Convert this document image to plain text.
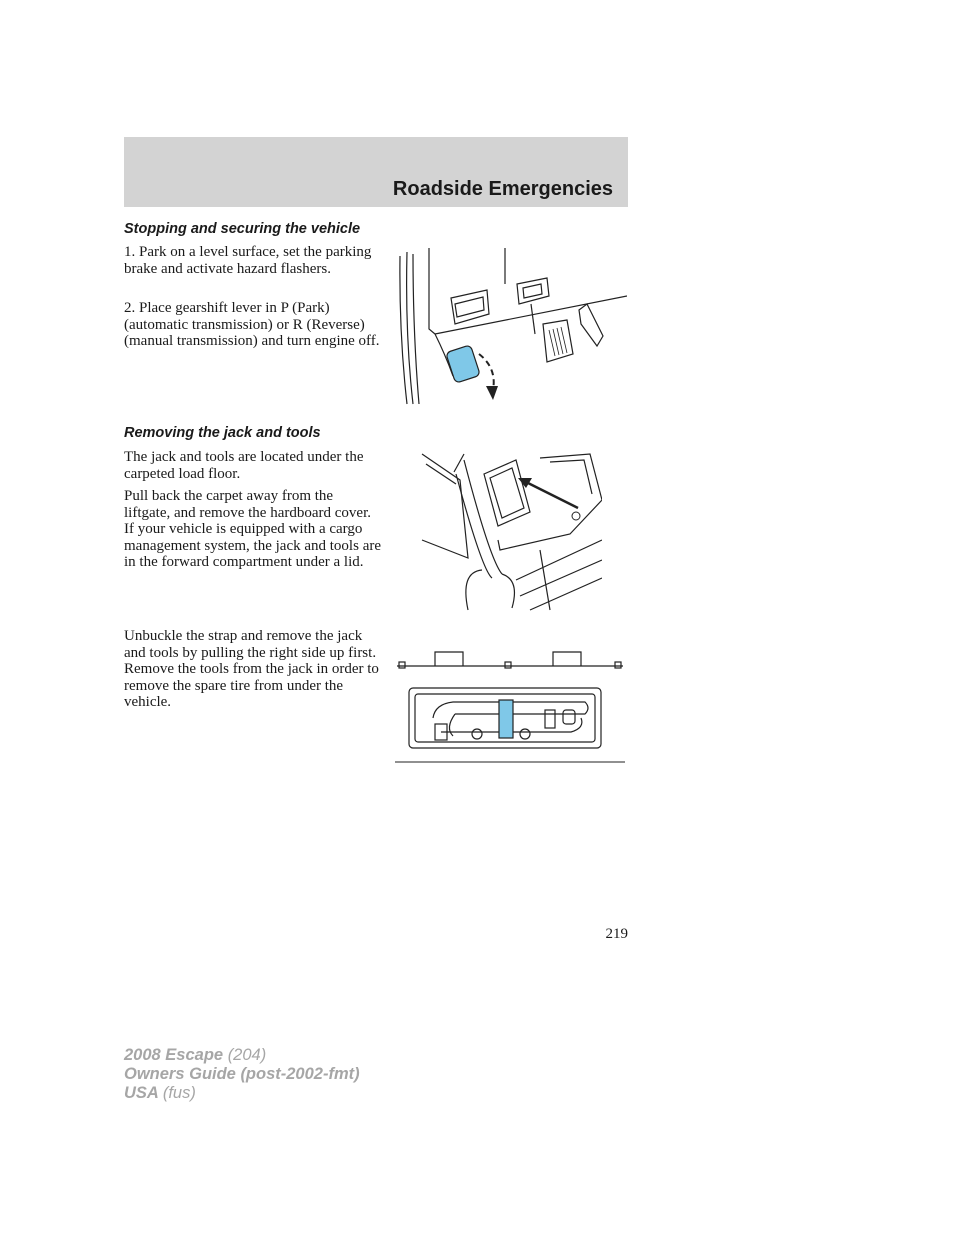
Roadside Emergencies
Stopping and securing the vehicle

1. Park on a level surface, set the parking brake and activate hazard flashers.

2. Place gearshift lever in P (Park) (automatic transmission) or R (Reverse) (manual transmission) and turn engine off.

Removing the jack and tools

The jack and tools are located under the carpeted load floor.

Pull back the carpet away from the liftgate, and remove the hardboard cover. If your vehicle is equipped with a cargo management system, the jack and tools are in the forward compartment under a lid.

Unbuckle the strap and remove the jack and tools by pulling the right side up first. Remove the tools from the jack in order to remove the spare tire from under the vehicle.

219
2008 Escape (204)
Owners Guide (post-2002-fmt)
USA (fus)
